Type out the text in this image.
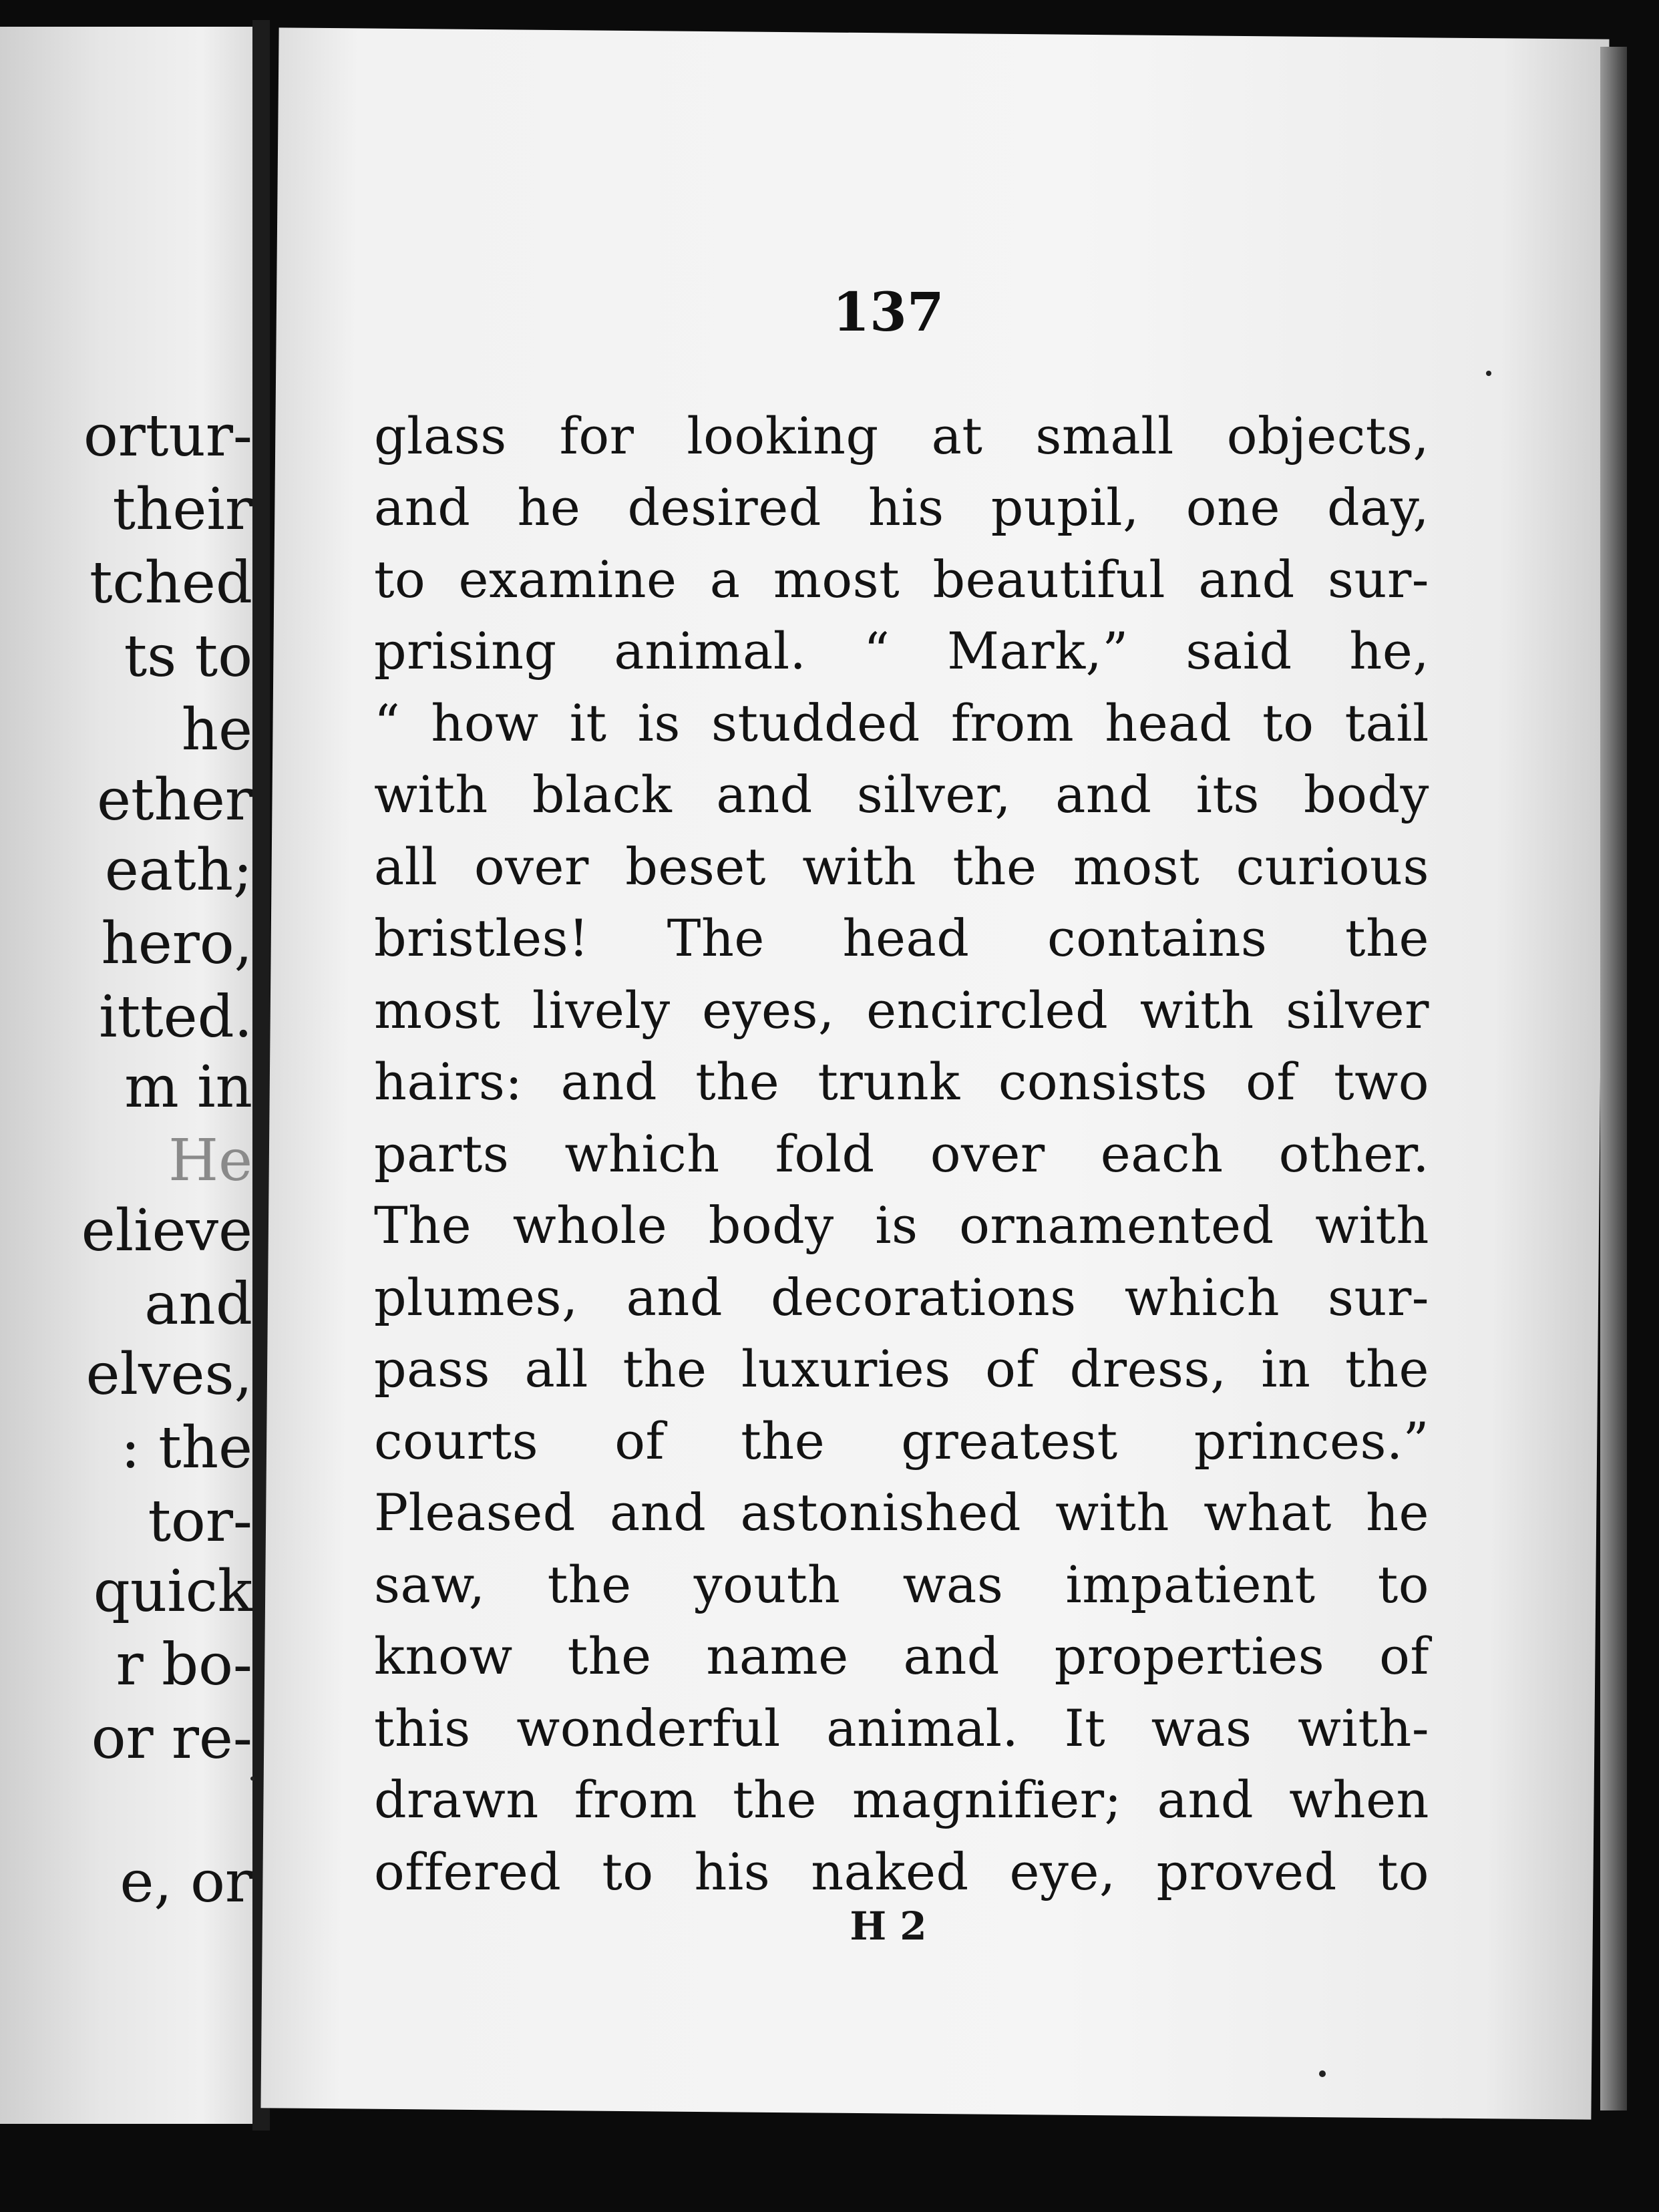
ortur-
their
tched
ts to
he
ether
eath;
hero,
itted.
m in
He
elieve
and
elves,
: the
tor-
quick
r bo-
or re-
e, or
137
glass for looking at small objects,
and he desired his pupil, one day,
to examine a most beautiful and sur-
prising animal. “ Mark,” said he,
“ how it is studded from head to tail
with black and silver, and its body
all over beset with the most curious
bristles! The head contains the
most lively eyes, encircled with silver
hairs: and the trunk consists of two
parts which fold over each other.
The whole body is ornamented with
plumes, and decorations which sur-
pass all the luxuries of dress, in the
courts of the greatest princes.”
Pleased and astonished with what he
saw, the youth was impatient to
know the name and properties of
this wonderful animal. It was with-
drawn from the magnifier; and when
offered to his naked eye, proved to
H 2
